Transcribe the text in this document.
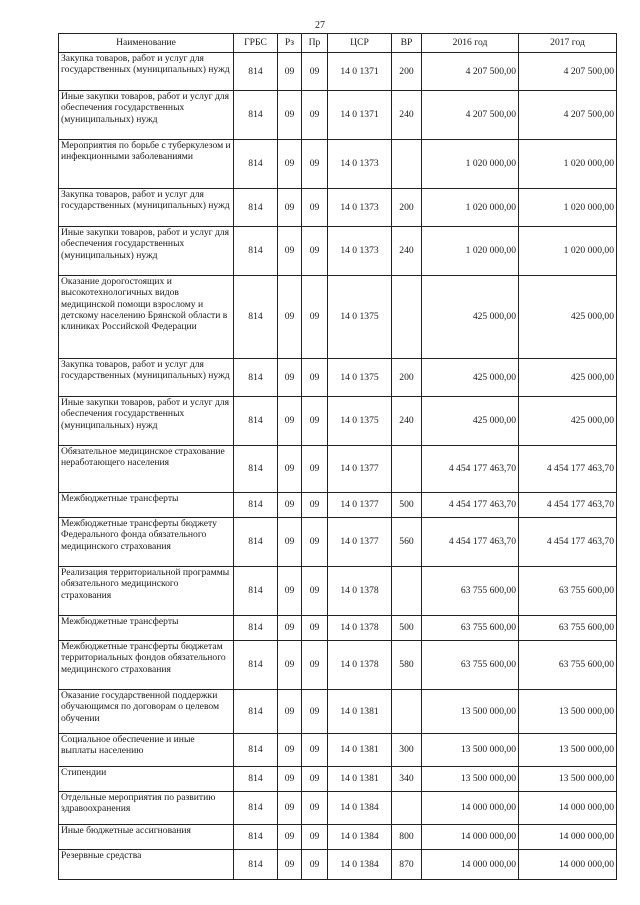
27
Наименование	ГРБС	Рз	Пр	ЦСР	ВР	2016 год	2017 год
Закупка товаров, работ и услуг для государственных (муниципальных) нужд	814	09	09	14 0 1371	200	4 207 500,00	4 207 500,00
Иные закупки товаров, работ и услуг для обеспечения государственных (муниципальных) нужд	814	09	09	14 0 1371	240	4 207 500,00	4 207 500,00
Мероприятия по борьбе с туберкулезом и инфекционными заболеваниями	814	09	09	14 0 1373		1 020 000,00	1 020 000,00
Закупка товаров, работ и услуг для государственных (муниципальных) нужд	814	09	09	14 0 1373	200	1 020 000,00	1 020 000,00
Иные закупки товаров, работ и услуг для обеспечения государственных (муниципальных) нужд	814	09	09	14 0 1373	240	1 020 000,00	1 020 000,00
Оказание дорогостоящих и высокотехнологичных видов медицинской помощи взрослому и детскому населению Брянской области в клиниках Российской Федерации	814	09	09	14 0 1375		425 000,00	425 000,00
Закупка товаров, работ и услуг для государственных (муниципальных) нужд	814	09	09	14 0 1375	200	425 000,00	425 000,00
Иные закупки товаров, работ и услуг для обеспечения государственных (муниципальных) нужд	814	09	09	14 0 1375	240	425 000,00	425 000,00
Обязательное медицинское страхование неработающего населения	814	09	09	14 0 1377		4 454 177 463,70	4 454 177 463,70
Межбюджетные трансферты	814	09	09	14 0 1377	500	4 454 177 463,70	4 454 177 463,70
Межбюджетные трансферты бюджету Федерального фонда обязательного медицинского страхования	814	09	09	14 0 1377	560	4 454 177 463,70	4 454 177 463,70
Реализация территориальной программы обязательного медицинского страхования	814	09	09	14 0 1378		63 755 600,00	63 755 600,00
Межбюджетные трансферты	814	09	09	14 0 1378	500	63 755 600,00	63 755 600,00
Межбюджетные трансферты бюджетам территориальных фондов обязательного медицинского страхования	814	09	09	14 0 1378	580	63 755 600,00	63 755 600,00
Оказание государственной поддержки обучающимся по договорам о целевом обучении	814	09	09	14 0 1381		13 500 000,00	13 500 000,00
Социальное обеспечение и иные выплаты населению	814	09	09	14 0 1381	300	13 500 000,00	13 500 000,00
Стипендии	814	09	09	14 0 1381	340	13 500 000,00	13 500 000,00
Отдельные мероприятия по развитию здравоохранения	814	09	09	14 0 1384		14 000 000,00	14 000 000,00
Иные бюджетные ассигнования	814	09	09	14 0 1384	800	14 000 000,00	14 000 000,00
Резервные средства	814	09	09	14 0 1384	870	14 000 000,00	14 000 000,00
